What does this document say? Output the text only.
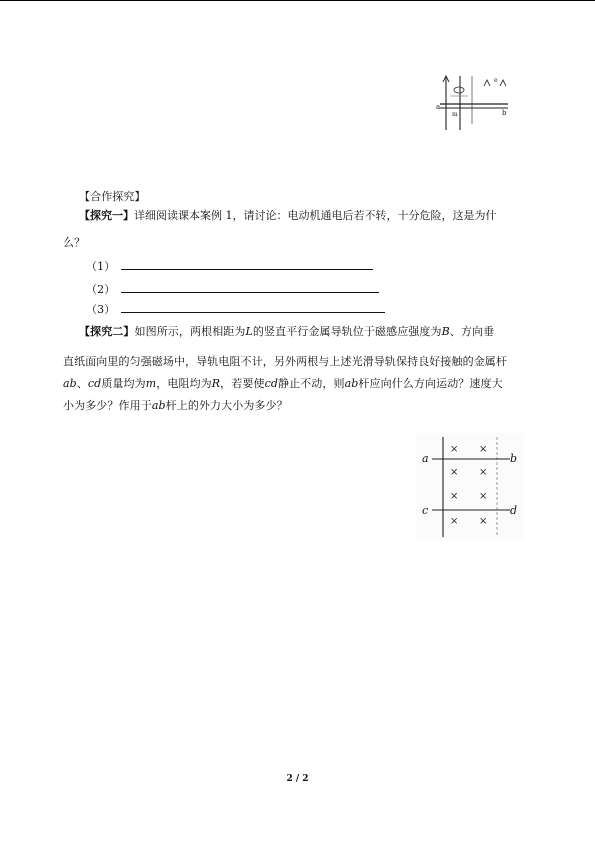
a
b
m
e
【合作探究】
【探究一】详细阅读课本案例 1，请讨论：电动机通电后若不转，十分危险，这是为什
么？
（1）
（2）
（3）
【探究二】如图所示，两根相距为L的竖直平行金属导轨位于磁感应强度为B、方向垂
直纸面向里的匀强磁场中，导轨电阻不计，另外两根与上述光滑导轨保持良好接触的金属杆
ab、cd质量均为m，电阻均为R，若要使cd静止不动，则ab杆应向什么方向运动？速度大
小为多少？作用于ab杆上的外力大小为多少？
a	b
c	d
× ×
× ×
× ×
× ×
2 / 2
